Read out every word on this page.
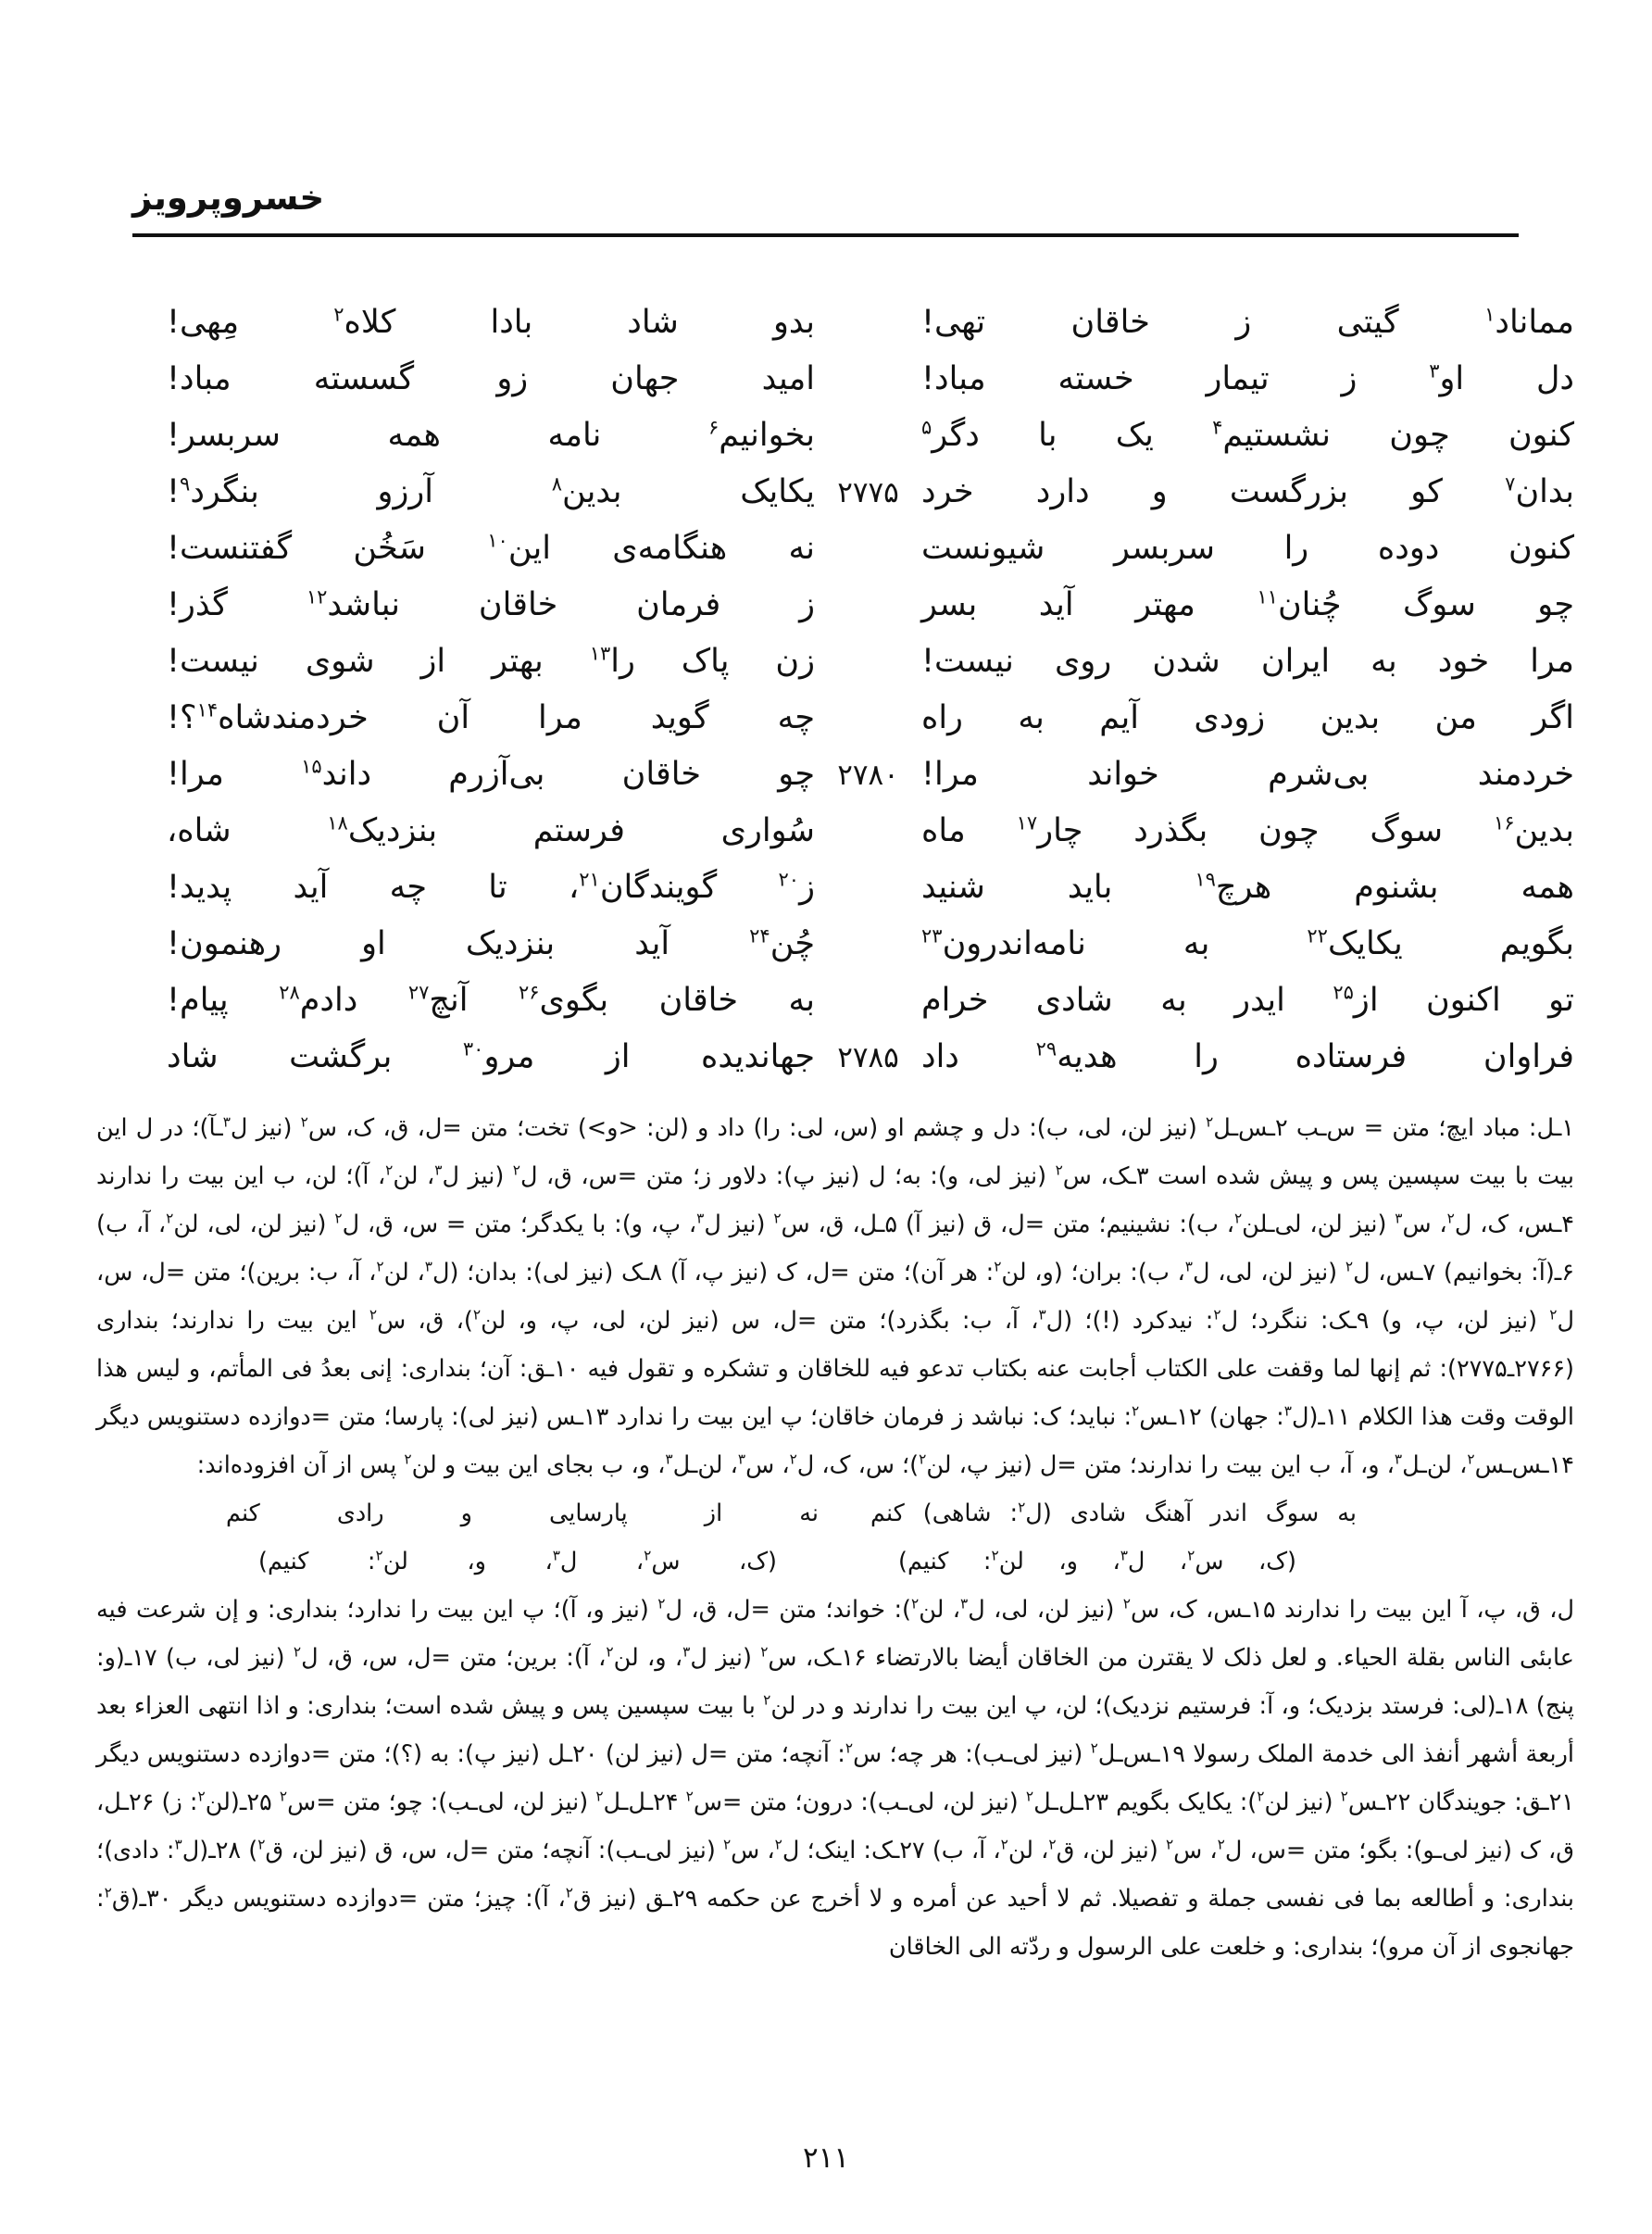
خسروپرویز
مماناد$^۱$ گیتی ز خاقان تهی!
بدو شاد بادا کلاه$^۲$ مِهی!
دل او$^۳$ ز تیمار خسته مباد!
امید جهان زو گسسته مباد!
کنون چون نشستیم$^۴$ یک با دگر$^۵$
بخوانیم$^۶$ نامه همه سربسر!
بدان$^۷$ کو بزرگست و دارد خرد
۲۷۷۵
یکایک بدین$^۸$ آرزو بنگرد$^۹$!
کنون دوده را سربسر شیونست
نه هنگامه‌ی این$^{۱۰}$ سَخُن گفتنست!
چو سوگ چُنان$^{۱۱}$ مهتر آید بسر
ز فرمان خاقان نباشد$^{۱۲}$ گذر!
مرا خود به ایران شدن روی نیست!
زن پاک را$^{۱۳}$ بهتر از شوی نیست!
اگر من بدین زودی آیم به راه
چه گوید مرا آن خردمندشاه$^{۱۴}$؟!
خردمند بی‌شرم خواند مرا!
۲۷۸۰
چو خاقان بی‌آزرم داند$^{۱۵}$ مرا!
بدین$^{۱۶}$ سوگ چون بگذرد چار$^{۱۷}$ ماه
سُواری فرستم بنزدیک$^{۱۸}$ شاه،
همه بشنوم هرچ$^{۱۹}$ باید شنید
ز$^{۲۰}$ گویندگان$^{۲۱}$، تا چه آید پدید!
بگویم یکایک$^{۲۲}$ به نامه‌اندرون$^{۲۳}$
چُن$^{۲۴}$ آید بنزدیک او رهنمون!
تو اکنون از$^{۲۵}$ ایدر به شادی خرام
به خاقان بگوی$^{۲۶}$ آنچ$^{۲۷}$ دادم$^{۲۸}$ پیام!
فراوان فرستاده را هدیه$^{۲۹}$ داد
۲۷۸۵
جهاندیده از مرو$^{۳۰}$ برگشت شاد

۱ـل: مباد ایچ؛ متن = س‌ـب ۲ـس‌ـل$^۲$ (نیز لن، لی، ب): دل و چشم او (س، لی: را) داد و (لن: <و>) تخت؛ متن =ل، ق، ک، س$^۲$ (نیز ل$^۳$ـآ)؛ در ل این بیت با بیت سپسین پس و پیش شده است ۳ـک، س$^۲$ (نیز لی، و): به؛ ل (نیز پ): دلاور ز؛ متن =س، ق، ل$^۲$ (نیز ل$^۳$، لن$^۲$، آ)؛ لن، ب این بیت را ندارند ۴ـس، ک، ل$^۲$، س$^۳$ (نیز لن، لی‌ـلن$^۲$، ب): نشینیم؛ متن =ل، ق (نیز آ) ۵ـل، ق، س$^۲$ (نیز ل$^۳$، پ، و): با یکدگر؛ متن = س، ق، ل$^۲$ (نیز لن، لی، لن$^۲$، آ، ب) ۶ـ(آ: بخوانیم) ۷ـس، ل$^۲$ (نیز لن، لی، ل$^۳$، ب): بران؛ (و، لن$^۲$: هر آن)؛ متن =ل، ک (نیز پ، آ) ۸ـک (نیز لی): بدان؛ (ل$^۳$، لن$^۲$، آ، ب: برین)؛ متن =ل، س، ل$^۲$ (نیز لن، پ، و) ۹ـک: ننگرد؛ ل$^۲$: نیدکرد (!)؛ (ل$^۳$، آ، ب: بگذرد)؛ متن =ل، س (نیز لن، لی، پ، و، لن$^۲$)، ق، س$^۲$ این بیت را ندارند؛ بنداری (۲۷۶۶ـ۲۷۷۵): ثم إنها لما وقفت علی الکتاب أجابت عنه بکتاب تدعو فیه للخاقان و تشکره و تقول فیه ۱۰ـق: آن؛ بنداری: إنی بعدُ فی المأتم، و لیس هذا الوقت وقت هذا الکلام ۱۱ـ(ل$^۳$: جهان) ۱۲ـس$^۲$: نباید؛ ک: نباشد ز فرمان خاقان؛ پ این بیت را ندارد ۱۳ـس (نیز لی): پارسا؛ متن =دوازده دستنویس دیگر ۱۴ـس‌ـس$^۲$، لن‌ـل$^۳$، و، آ، ب این بیت را ندارند؛ متن =ل (نیز پ، لن$^۲$)؛ س، ک، ل$^۲$، س$^۳$، لن‌ـل$^۳$، و، ب بجای این بیت و لن$^۲$ پس از آن افزوده‌اند:

به سوگ اندر آهنگ شادی (ل$^۲$: شاهی) کنم
نه از پارسایی و رادی کنم
(ک، س$^۲$، ل$^۳$، و، لن$^۲$: کنیم)
(ک، س$^۲$، ل$^۳$، و، لن$^۲$: کنیم)

ل، ق، پ، آ این بیت را ندارند ۱۵ـس، ک، س$^۲$ (نیز لن، لی، ل$^۳$، لن$^۲$): خواند؛ متن =ل، ق، ل$^۲$ (نیز و، آ)؛ پ این بیت را ندارد؛ بنداری: و إن شرعت فیه عابئی الناس بقلة الحیاء. و لعل ذلک لا یقترن من الخاقان أیضا بالارتضاء ۱۶ـک، س$^۲$ (نیز ل$^۳$، و، لن$^۲$، آ): برین؛ متن =ل، س، ق، ل$^۲$ (نیز لی، ب) ۱۷ـ(و: پنج) ۱۸ـ(لی: فرستد بزدیک؛ و، آ: فرستیم نزدیک)؛ لن، پ این بیت را ندارند و در لن$^۲$ با بیت سپسین پس و پیش شده است؛ بنداری: و اذا انتهی العزاء بعد أربعة أشهر أنفذ الی خدمة الملک رسولا ۱۹ـس‌ـل$^۲$ (نیز لی‌ـب): هر چه؛ س$^۲$: آنچه؛ متن =ل (نیز لن) ۲۰ـل (نیز پ): به (؟)؛ متن =دوازده دستنویس دیگر ۲۱ـق: جویندگان ۲۲ـس$^۲$ (نیز لن$^۲$): یکایک بگویم ۲۳ـل‌ـل$^۲$ (نیز لن، لی‌ـب): درون؛ متن =س$^۲$ ۲۴ـل‌ـل$^۲$ (نیز لن، لی‌ـب): چو؛ متن =س$^۲$ ۲۵ـ(لن$^۲$: ز) ۲۶ـل، ق، ک (نیز لی‌ـو): بگو؛ متن =س، ل$^۲$، س$^۲$ (نیز لن، ق$^۲$، لن$^۲$، آ، ب) ۲۷ـک: اینک؛ ل$^۲$، س$^۲$ (نیز لی‌ـب): آنچه؛ متن =ل، س، ق (نیز لن، ق$^۲$) ۲۸ـ(ل$^۳$: دادی)؛ بنداری: و أطالعه بما فی نفسی جملة و تفصیلا. ثم لا أحید عن أمره و لا أخرج عن حکمه ۲۹ـق (نیز ق$^۲$، آ): چیز؛ متن =دوازده دستنویس دیگر ۳۰ـ(ق$^۲$: جهانجوی از آن مرو)؛ بنداری: و خلعت علی الرسول و ردّته الی الخاقان

۲۱۱
